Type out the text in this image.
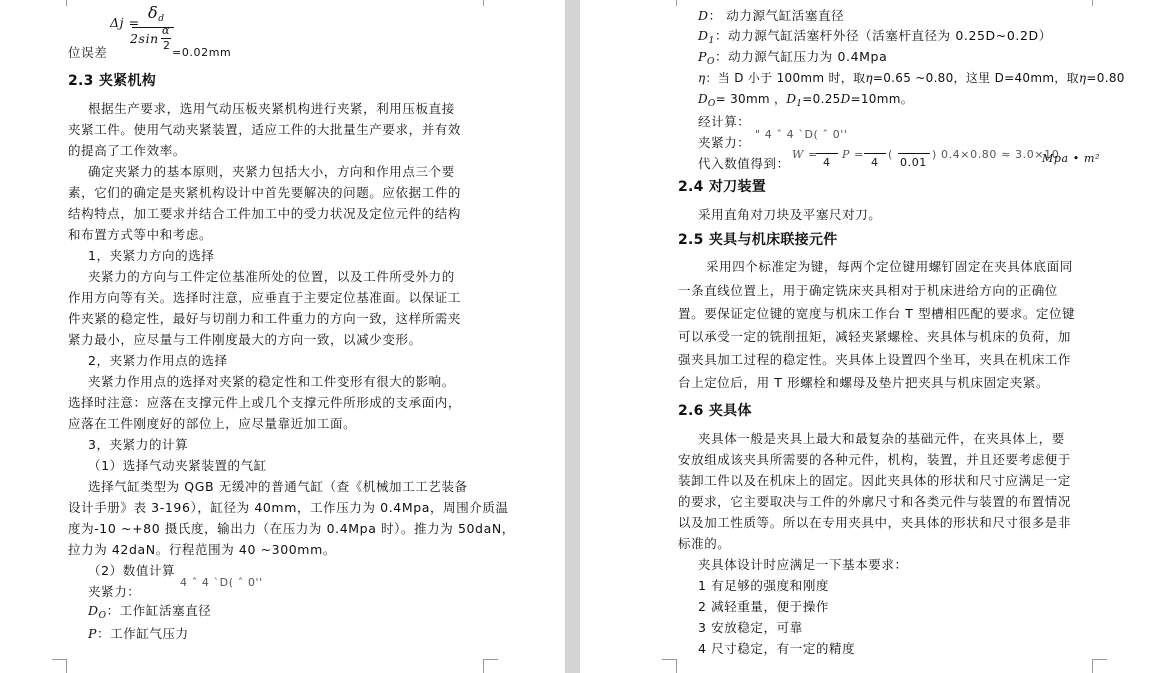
Δj =
$\delta_d$
2sin
α
2
位误差	=0.02mm
2.3 夹紧机构
根据生产要求，选用气动压板夹紧机构进行夹紧，利用压板直接
夹紧工件。使用气动夹紧装置，适应工件的大批量生产要求，并有效
的提高了工作效率。
确定夹紧力的基本原则，夹紧力包括大小，方向和作用点三个要
素，它们的确定是夹紧机构设计中首先要解决的问题。应依据工件的
结构特点，加工要求并结合工件加工中的受力状况及定位元件的结构
和布置方式等中和考虑。
1，夹紧力方向的选择
夹紧力的方向与工件定位基准所处的位置，以及工件所受外力的
作用方向等有关。选择时注意，应垂直于主要定位基准面。以保证工
件夹紧的稳定性，最好与切削力和工件重力的方向一致，这样所需夹
紧力最小，应尽量与工件刚度最大的方向一致，以减少变形。
2，夹紧力作用点的选择
夹紧力作用点的选择对夹紧的稳定性和工件变形有很大的影响。
选择时注意：应落在支撑元件上或几个支撑元件所形成的支承面内，
应落在工件刚度好的部位上，应尽量靠近加工面。
3，夹紧力的计算
（1）选择气动夹紧装置的气缸
选择气缸类型为 QGB 无缓冲的普通气缸（查《机械加工工艺装备
设计手册》表 3-196），缸径为 40mm，工作压力为 0.4Mpa，周围介质温
度为-10 ~+80 摄氏度，输出力（在压力为 0.4Mpa 时）。推力为 50daN，
拉力为 42daN。行程范围为 40 ~300mm。
（2）数值计算
4 ˆ 4 `D( ˆ 0''
夹紧力：
$D_O$：工作缸活塞直径
P：工作缸气压力
D： 动力源气缸活塞直径
$D_1$：动力源气缸活塞杆外径（活塞杆直径为 0.25D~0.2D）
$P_O$：动力源气缸压力为 0.4Mpa
η：当 D 小于 100mm 时，取η=0.65 ~0.80，这里 D=40mm，取η=0.80
$D_O= 30mm$ ，$D_1=0.25D=10mm$。
经计算：
" 4 ˆ 4 `D( ˆ 0''
夹紧力：
W =
4
P =
4
(
0.01
) 0.4×0.80 ≈ 3.0×10
Mpa • m²
代入数值得到：
2.4 对刀装置
采用直角对刀块及平塞尺对刀。
2.5 夹具与机床联接元件
采用四个标准定为键，每两个定位键用螺钉固定在夹具体底面同
一条直线位置上，用于确定铣床夹具相对于机床进给方向的正确位
置。要保证定位键的宽度与机床工作台 T 型槽相匹配的要求。定位键
可以承受一定的铣削扭矩，减轻夹紧螺栓、夹具体与机床的负荷，加
强夹具加工过程的稳定性。夹具体上设置四个坐耳，夹具在机床工作
台上定位后，用 T 形螺栓和螺母及垫片把夹具与机床固定夹紧。
2.6 夹具体
夹具体一般是夹具上最大和最复杂的基础元件，在夹具体上，要
安放组成该夹具所需要的各种元件，机构，装置，并且还要考虑便于
装卸工件以及在机床上的固定。因此夹具体的形状和尺寸应满足一定
的要求，它主要取决与工件的外廓尺寸和各类元件与装置的布置情况
以及加工性质等。所以在专用夹具中，夹具体的形状和尺寸很多是非
标准的。
夹具体设计时应满足一下基本要求：
1 有足够的强度和刚度
2 减轻重量，便于操作
3 安放稳定，可靠
4 尺寸稳定，有一定的精度
